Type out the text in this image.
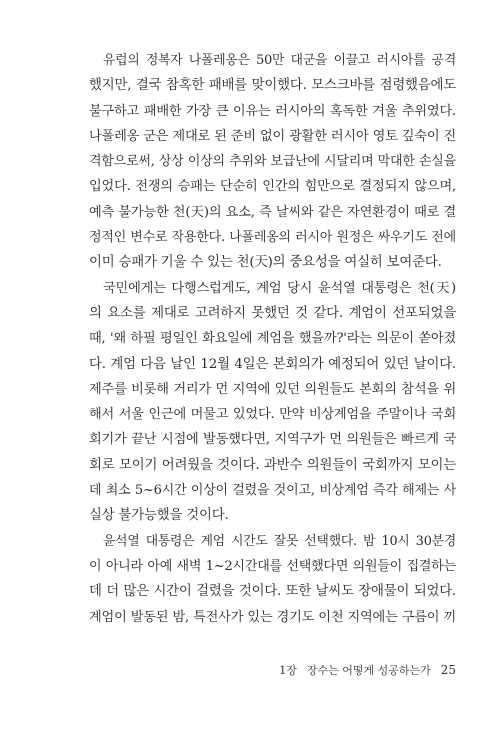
유럽의 정복자 나폴레옹은 50만 대군을 이끌고 러시아를 공격
했지만, 결국 참혹한 패배를 맞이했다. 모스크바를 점령했음에도
불구하고 패배한 가장 큰 이유는 러시아의 혹독한 겨울 추위였다.
나폴레옹 군은 제대로 된 준비 없이 광활한 러시아 영토 깊숙이 진
격함으로써, 상상 이상의 추위와 보급난에 시달리며 막대한 손실을
입었다. 전쟁의 승패는 단순히 인간의 힘만으로 결정되지 않으며,
예측 불가능한 천(天)의 요소, 즉 날씨와 같은 자연환경이 때로 결
정적인 변수로 작용한다. 나폴레옹의 러시아 원정은 싸우기도 전에
이미 승패가 기울 수 있는 천(天)의 중요성을 여실히 보여준다.
국민에게는 다행스럽게도, 계엄 당시 윤석열 대통령은 천(天)
의 요소를 제대로 고려하지 못했던 것 같다. 계엄이 선포되었을
때, '왜 하필 평일인 화요일에 계엄을 했을까?'라는 의문이 쏟아졌
다. 계엄 다음 날인 12월 4일은 본회의가 예정되어 있던 날이다.
제주를 비롯해 거리가 먼 지역에 있던 의원들도 본회의 참석을 위
해서 서울 인근에 머물고 있었다. 만약 비상계엄을 주말이나 국회
회기가 끝난 시점에 발동했다면, 지역구가 먼 의원들은 빠르게 국
회로 모이기 어려웠을 것이다. 과반수 의원들이 국회까지 모이는
데 최소 5~6시간 이상이 걸렸을 것이고, 비상계엄 즉각 해제는 사
실상 불가능했을 것이다.
윤석열 대통령은 계엄 시간도 잘못 선택했다. 밤 10시 30분경
이 아니라 아예 새벽 1~2시간대를 선택했다면 의원들이 집결하는
데 더 많은 시간이 걸렸을 것이다. 또한 날씨도 장애물이 되었다.
계엄이 발동된 밤, 특전사가 있는 경기도 이천 지역에는 구름이 끼
1장 장수는 어떻게 성공하는가 25
